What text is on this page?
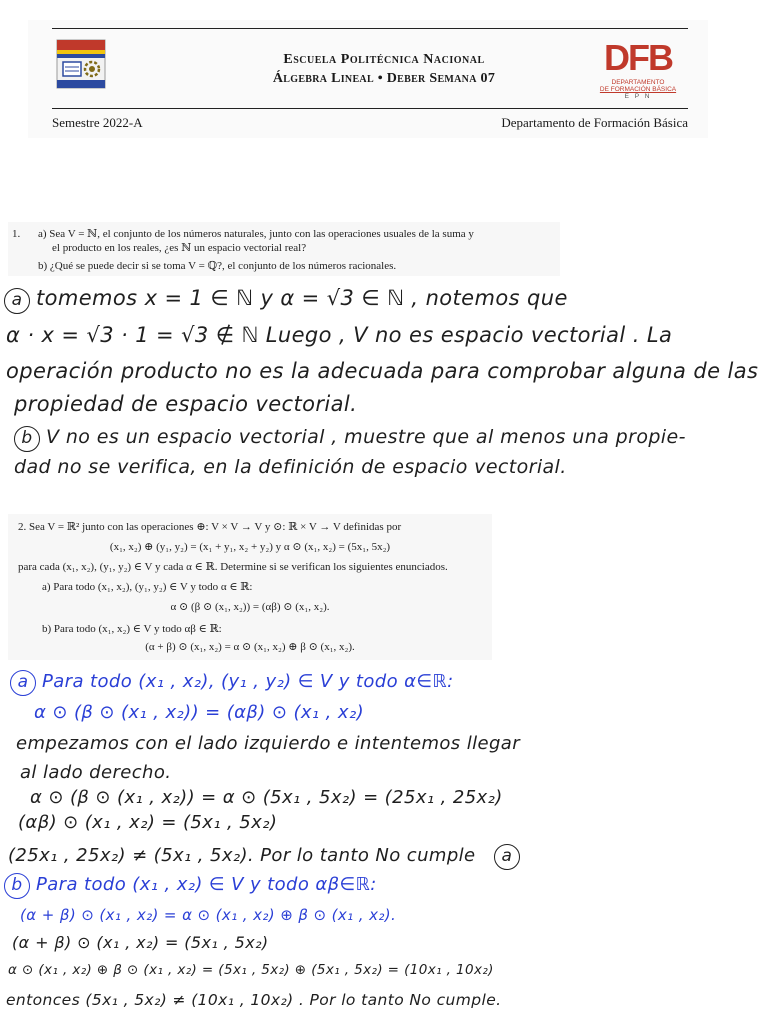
Escuela Politécnica Nacional
Álgebra Lineal • Deber Semana 07
DFB
DEPARTAMENTO
DE FORMACIÓN BÁSICA
E P N
Semestre 2022-A	Departamento de Formación Básica
1. a) Sea V = ℕ, el conjunto de los números naturales, junto con las operaciones usuales de la suma y
el producto en los reales, ¿es ℕ un espacio vectorial real?
b) ¿Qué se puede decir si se toma V = ℚ?, el conjunto de los números racionales.
a tomemos x = 1 ∈ ℕ y α = √3 ∈ ℕ , notemos que
α · x = √3 · 1 = √3 ∉ ℕ Luego , V no es espacio vectorial . La
operación producto no es la adecuada para comprobar alguna de las
propiedad de espacio vectorial.
b V no es un espacio vectorial , muestre que al menos una propie-
dad no se verifica, en la definición de espacio vectorial.
2. Sea V = ℝ² junto con las operaciones ⊕: V × V → V y ⊙: ℝ × V → V definidas por
(x₁, x₂) ⊕ (y₁, y₂) = (x₁ + y₁, x₂ + y₂) y α ⊙ (x₁, x₂) = (5x₁, 5x₂)
para cada (x₁, x₂), (y₁, y₂) ∈ V y cada α ∈ ℝ. Determine si se verifican los siguientes enunciados.
a) Para todo (x₁, x₂), (y₁, y₂) ∈ V y todo α ∈ ℝ:
α ⊙ (β ⊙ (x₁, x₂)) = (αβ) ⊙ (x₁, x₂).
b) Para todo (x₁, x₂) ∈ V y todo αβ ∈ ℝ:
(α + β) ⊙ (x₁, x₂) = α ⊙ (x₁, x₂) ⊕ β ⊙ (x₁, x₂).
a Para todo (x₁ , x₂), (y₁ , y₂) ∈ V y todo α∈ℝ:
α ⊙ (β ⊙ (x₁ , x₂)) = (αβ) ⊙ (x₁ , x₂)
empezamos con el lado izquierdo e intentemos llegar
al lado derecho.
α ⊙ (β ⊙ (x₁ , x₂)) = α ⊙ (5x₁ , 5x₂) = (25x₁ , 25x₂)
(αβ) ⊙ (x₁ , x₂) = (5x₁ , 5x₂)
(25x₁ , 25x₂) ≠ (5x₁ , 5x₂). Por lo tanto No cumple a
b Para todo (x₁ , x₂) ∈ V y todo αβ∈ℝ:
(α + β) ⊙ (x₁ , x₂) = α ⊙ (x₁ , x₂) ⊕ β ⊙ (x₁ , x₂).
(α + β) ⊙ (x₁ , x₂) = (5x₁ , 5x₂)
α ⊙ (x₁ , x₂) ⊕ β ⊙ (x₁ , x₂) = (5x₁ , 5x₂) ⊕ (5x₁ , 5x₂) = (10x₁ , 10x₂)
entonces (5x₁ , 5x₂) ≠ (10x₁ , 10x₂) . Por lo tanto No cumple.
